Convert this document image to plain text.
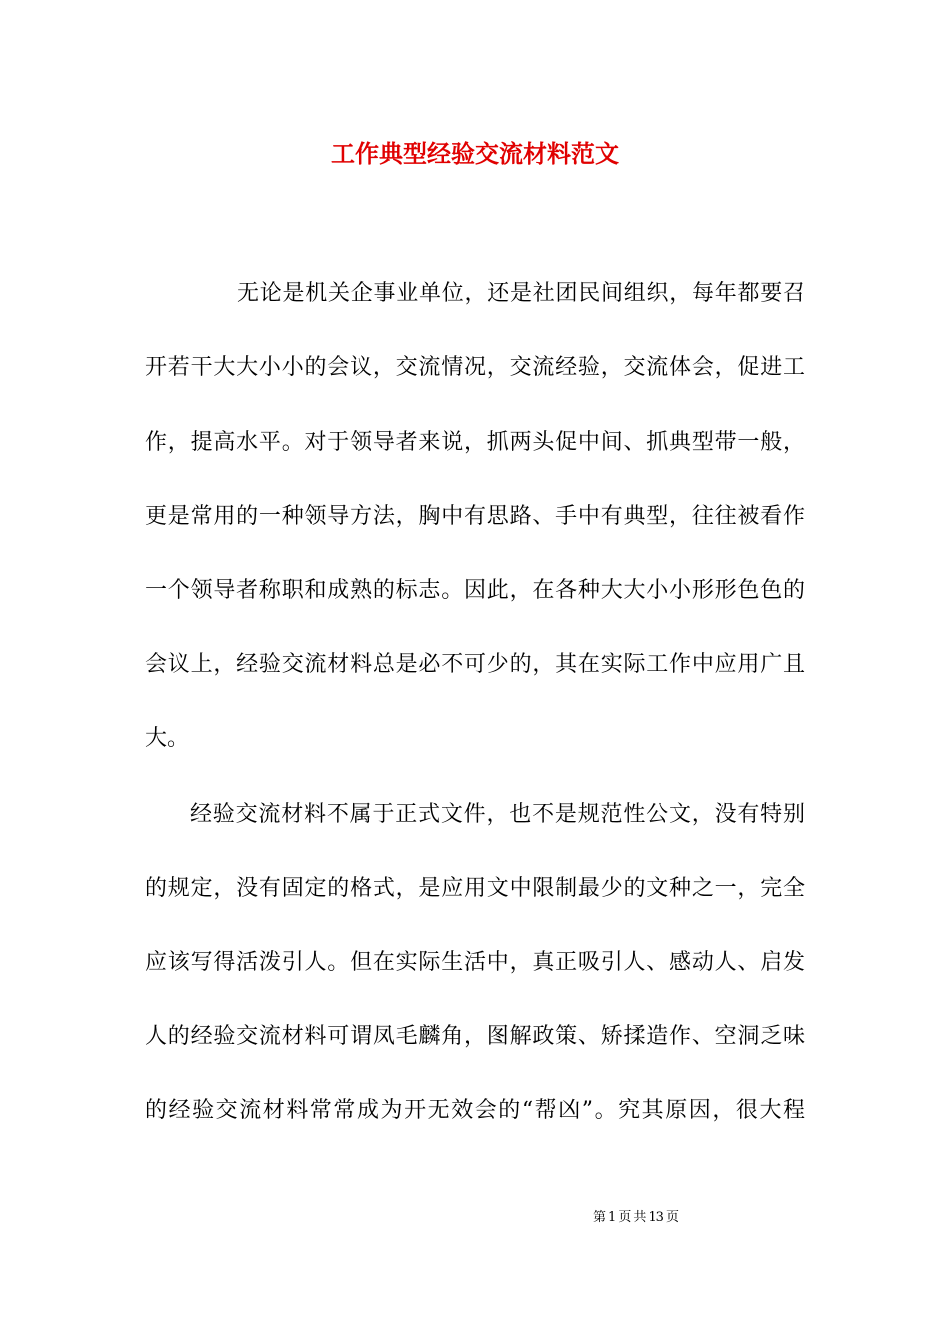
工作典型经验交流材料范文
无论是机关企事业单位，还是社团民间组织，每年都要召
开若干大大小小的会议，交流情况，交流经验，交流体会，促进工
作，提高水平。对于领导者来说，抓两头促中间、抓典型带一般，
更是常用的一种领导方法，胸中有思路、手中有典型，往往被看作
一个领导者称职和成熟的标志。因此，在各种大大小小形形色色的
会议上，经验交流材料总是必不可少的，其在实际工作中应用广且
大。
经验交流材料不属于正式文件，也不是规范性公文，没有特别
的规定，没有固定的格式，是应用文中限制最少的文种之一，完全
应该写得活泼引人。但在实际生活中，真正吸引人、感动人、启发
人的经验交流材料可谓凤毛麟角，图解政策、矫揉造作、空洞乏味
的经验交流材料常常成为开无效会的“帮凶”。究其原因，很大程
第 1 页 共 13 页
